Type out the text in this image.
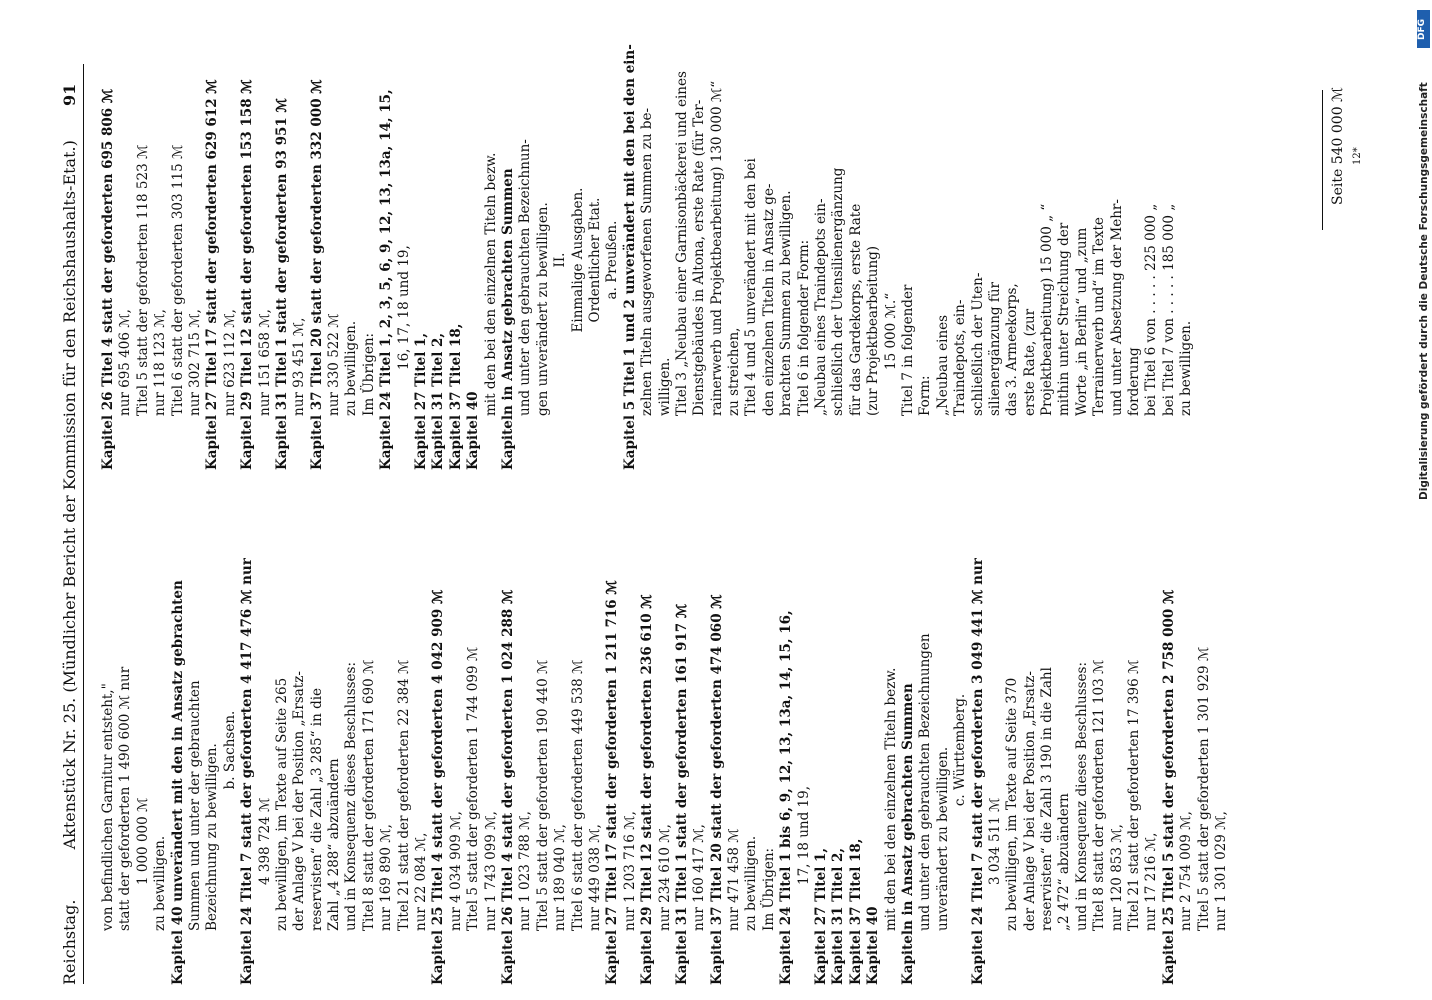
Reichstag.  Aktenstück Nr. 25. (Mündlicher Bericht der Kommission für den Reichshaushalts-Etat.)  91
von befindlichen Garnitur entsteht," statt der geforderten 1 490 600 ℳ nur 1 000 000 ℳ zu bewilligen. Kapitel 40 unverändert mit den in Ansatz gebrachten Summen und unter der gebrauchten Bezeichnung zu bewilligen. b. Sachsen. Kapitel 24 Titel 7 statt der geforderten 4 417 476 ℳ nur 4 398 724 ℳ zu bewilligen, im Texte auf Seite 265 der Anlage V bei der Position „Ersatz- reservisten“ die Zahl „3 285“ in die Zahl „4 288“ abzuändern und in Konsequenz dieses Beschlusses: Titel 8 statt der geforderten 171 690 ℳ nur 169 890 ℳ, Titel 21 statt der geforderten 22 384 ℳ nur 22 084 ℳ, Kapitel 25 Titel 4 statt der geforderten 4 042 909 ℳ nur 4 034 909 ℳ, Titel 5 statt der geforderten 1 744 099 ℳ nur 1 743 099 ℳ, Kapitel 26 Titel 4 statt der geforderten 1 024 288 ℳ nur 1 023 788 ℳ, Titel 5 statt der geforderten 190 440 ℳ nur 189 040 ℳ, Titel 6 statt der geforderten 449 538 ℳ nur 449 038 ℳ, Kapitel 27 Titel 17 statt der geforderten 1 211 716 ℳ nur 1 203 716 ℳ, Kapitel 29 Titel 12 statt der geforderten 236 610 ℳ nur 234 610 ℳ, Kapitel 31 Titel 1 statt der geforderten 161 917 ℳ nur 160 417 ℳ, Kapitel 37 Titel 20 statt der geforderten 474 060 ℳ nur 471 458 ℳ zu bewilligen. Im Übrigen: Kapitel 24 Titel 1 bis 6, 9, 12, 13, 13a, 14, 15, 16, 17, 18 und 19,
Kapitel 27 Titel 1, Kapitel 31 Titel 2, Kapitel 37 Titel 18, Kapitel 40
mit den bei den einzelnen Titeln bezw. Kapiteln in Ansatz gebrachten Summen und unter den gebrauchten Bezeichnungen unverändert zu bewilligen. c. Württemberg. Kapitel 24 Titel 7 statt der geforderten 3 049 441 ℳ nur 3 034 511 ℳ zu bewilligen, im Texte auf Seite 370 der Anlage V bei der Position „Ersatz- reservisten“ die Zahl 3 190 in die Zahl „2 472“ abzuändern und in Konsequenz dieses Beschlusses: Titel 8 statt der geforderten 121 103 ℳ nur 120 853 ℳ, Titel 21 statt der geforderten 17 396 ℳ nur 17 216 ℳ, Kapitel 25 Titel 5 statt der geforderten 2 758 000 ℳ nur 2 754 009 ℳ, Titel 5 statt der geforderten 1 301 929 ℳ nur 1 301 029 ℳ,
Kapitel 26 Titel 4 statt der geforderten 695 806 ℳ nur 695 406 ℳ, Titel 5 statt der geforderten 118 523 ℳ nur 118 123 ℳ, Titel 6 statt der geforderten 303 115 ℳ nur 302 715 ℳ, Kapitel 27 Titel 17 statt der geforderten 629 612 ℳ nur 623 112 ℳ, Kapitel 29 Titel 12 statt der geforderten 153 158 ℳ nur 151 658 ℳ, Kapitel 31 Titel 1 statt der geforderten 93 951 ℳ nur 93 451 ℳ, Kapitel 37 Titel 20 statt der geforderten 332 000 ℳ nur 330 522 ℳ zu bewilligen. Im Übrigen: Kapitel 24 Titel 1, 2, 3, 5, 6, 9, 12, 13, 13a, 14, 15, 16, 17, 18 und 19,
Kapitel 27 Titel 1, Kapitel 31 Titel 2, Kapitel 37 Titel 18, Kapitel 40
mit den bei den einzelnen Titeln bezw. Kapiteln in Ansatz gebrachten Summen und unter den gebrauchten Bezeichnun- gen unverändert zu bewilligen. II. Einmalige Ausgaben. Ordentlicher Etat. a. Preußen. Kapitel 5 Titel 1 und 2 unverändert mit den bei den ein- zelnen Titeln ausgeworfenen Summen zu be- willigen. Titel 3 „Neubau einer Garnisonbäckerei und eines Dienstgebäudes in Altona, erste Rate (für Ter- rainerwerb und Projektbearbeitung) 130 000 ℳ“ zu streichen, Titel 4 und 5 unverändert mit den bei den einzelnen Titeln in Ansatz ge- brachten Summen zu bewilligen. Titel 6 in folgender Form: „Neubau eines Traindepots ein- schließlich der Utensilienergänzung für das Gardekorps, erste Rate (zur Projektbearbeitung) 15 000 ℳ.“ Titel 7 in folgender Form: „Neubau eines Traindepots, ein- schließlich der Uten- silienergänzung für das 3. Armeekorps, erste Rate, (zur Projektbearbeitung) 15 000 „ “ mithin unter Streichung der Worte „in Berlin“ und „zum Terrainerwerb und“ im Texte und unter Absetzung der Mehr- forderung bei Titel 6 von . . . . . 225 000 „ bei Titel 7 von . . . . . 185 000 „ zu bewilligen.
Seite 540 000 ℳ 12*	Digitalisierung gefördert durch die Deutsche Forschungsgemeinschaft
DFG
